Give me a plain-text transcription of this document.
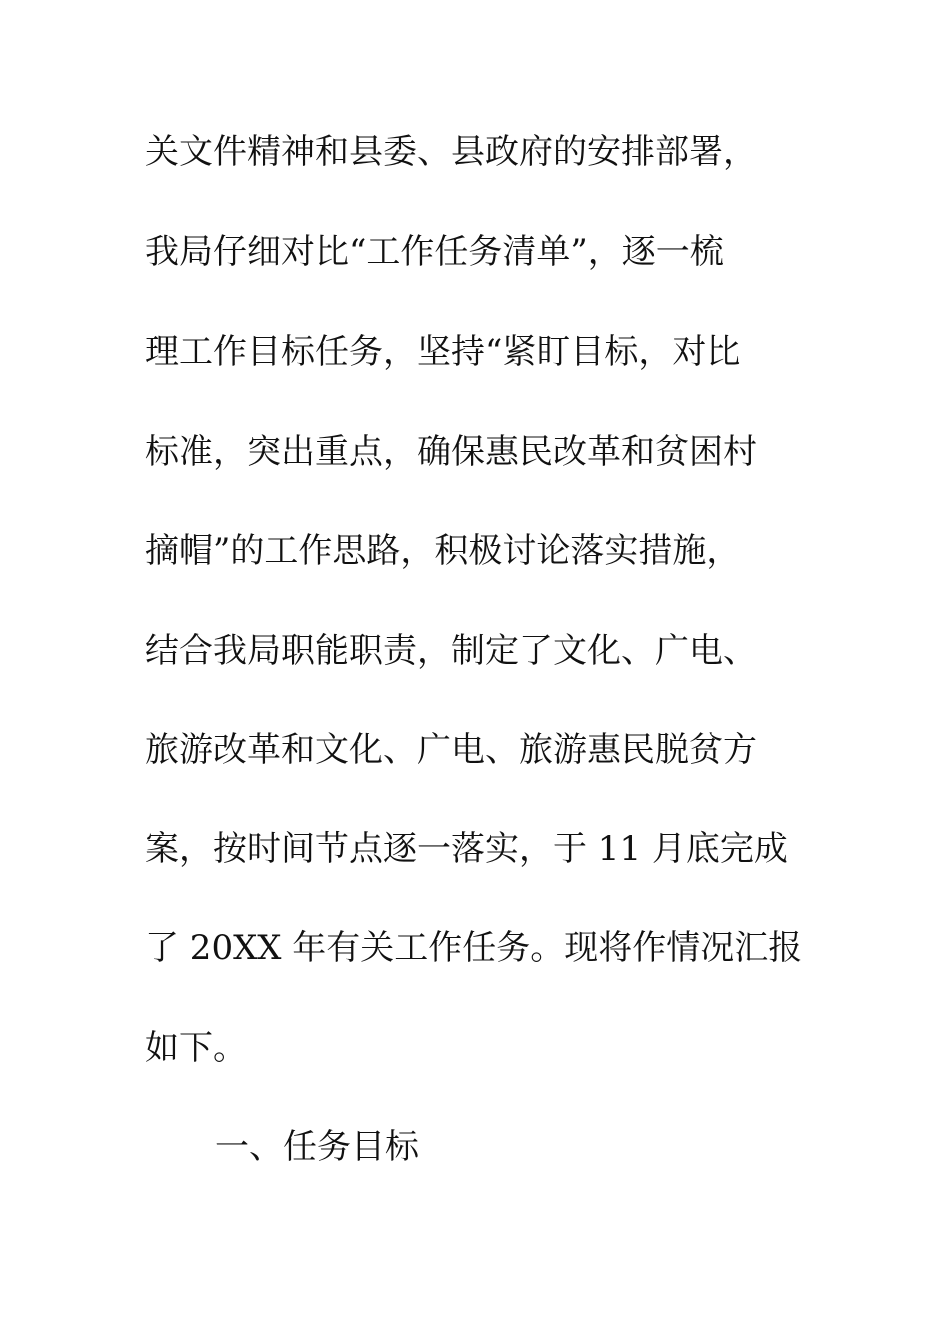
关文件精神和县委、县政府的安排部署，
我局仔细对比“工作任务清单”，逐一梳
理工作目标任务，坚持“紧盯目标，对比
标准，突出重点，确保惠民改革和贫困村
摘帽”的工作思路，积极讨论落实措施，
结合我局职能职责，制定了文化、广电、
旅游改革和文化、广电、旅游惠民脱贫方
案，按时间节点逐一落实，于 11 月底完成
了 20XX 年有关工作任务。现将作情况汇报
如下。
一、任务目标
